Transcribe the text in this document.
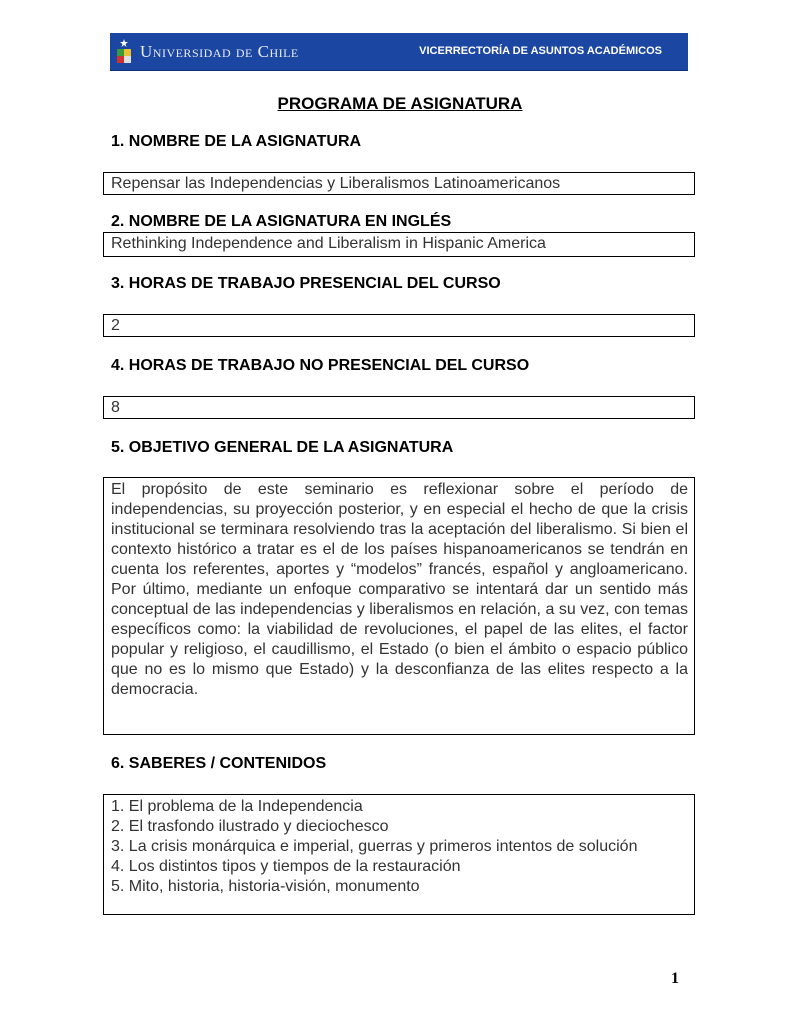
Universidad de Chile	VICERRECTORÍA DE ASUNTOS ACADÉMICOS
PROGRAMA DE ASIGNATURA
1. NOMBRE DE LA ASIGNATURA
Repensar las Independencias y Liberalismos Latinoamericanos
2. NOMBRE DE LA ASIGNATURA EN INGLÉS
Rethinking Independence and Liberalism in Hispanic America
3. HORAS DE TRABAJO PRESENCIAL DEL CURSO
2
4. HORAS DE TRABAJO NO PRESENCIAL DEL CURSO
8
5. OBJETIVO GENERAL DE LA ASIGNATURA
El propósito de este seminario es reflexionar sobre el período de independencias, su proyección posterior, y en especial el hecho de que la crisis institucional se terminara resolviendo tras la aceptación del liberalismo. Si bien el contexto histórico a tratar es el de los países hispanoamericanos se tendrán en cuenta los referentes, aportes y “modelos” francés, español y angloamericano. Por último, mediante un enfoque comparativo se intentará dar un sentido más conceptual de las independencias y liberalismos en relación, a su vez, con temas específicos como: la viabilidad de revoluciones, el papel de las elites, el factor popular y religioso, el caudillismo, el Estado (o bien el ámbito o espacio público que no es lo mismo que Estado) y la desconfianza de las elites respecto a la democracia.
6. SABERES / CONTENIDOS
1. El problema de la Independencia
2. El trasfondo ilustrado y dieciochesco
3. La crisis monárquica e imperial, guerras y primeros intentos de solución
4. Los distintos tipos y tiempos de la restauración
5. Mito, historia, historia-visión, monumento
1
